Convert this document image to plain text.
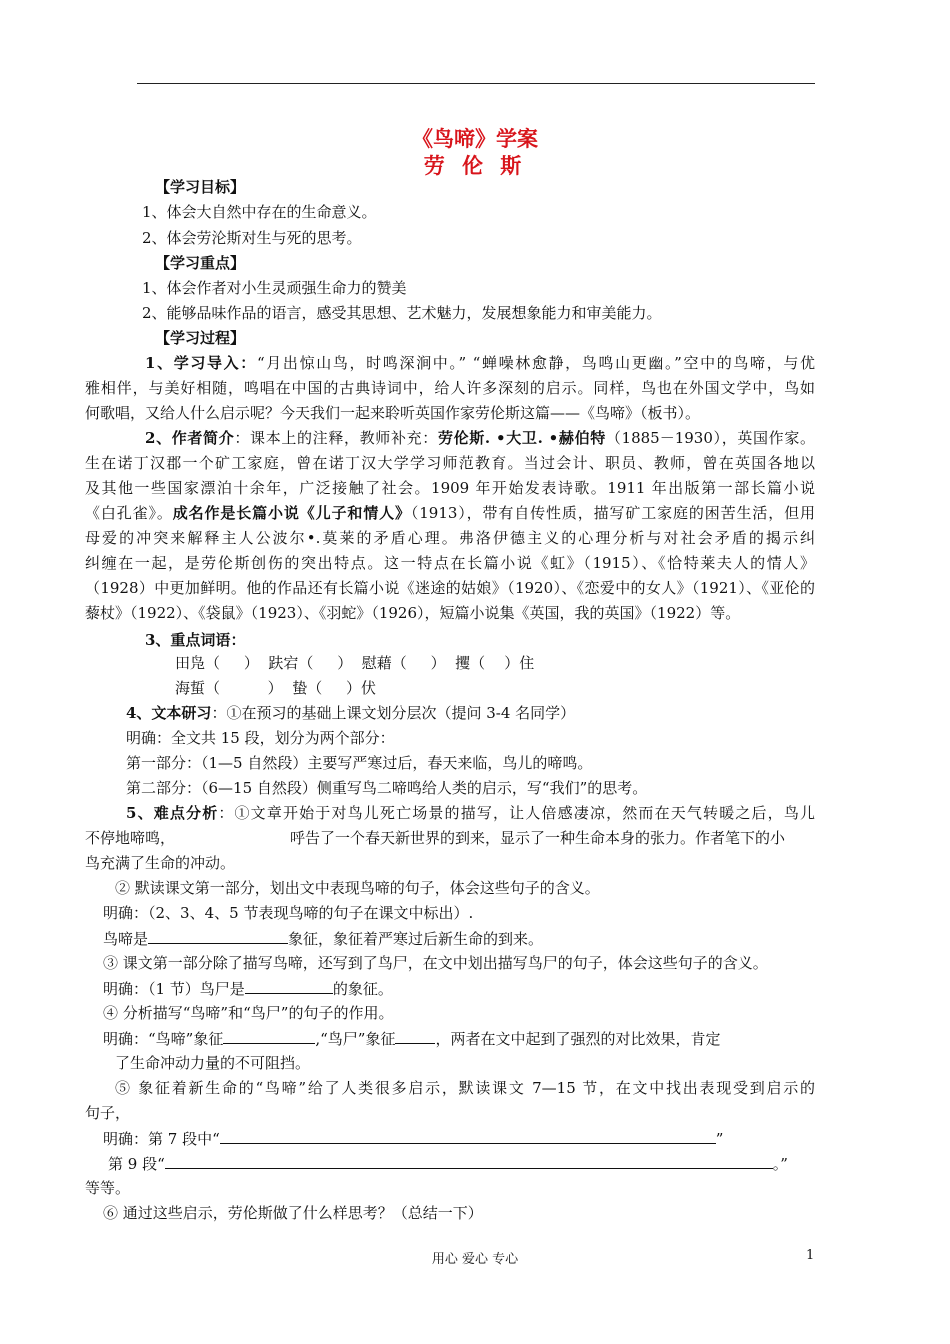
《鸟啼》学案
劳 伦 斯
【学习目标】
1、体会大自然中存在的生命意义。
2、体会劳沦斯对生与死的思考。
【学习重点】
1、体会作者对小生灵顽强生命力的赞美
2、能够品味作品的语言，感受其思想、艺术魅力，发展想象能力和审美能力。
【学习过程】
1、学习导入：“月出惊山鸟，时鸣深涧中。” “蝉噪林愈静，鸟鸣山更幽。”空中的鸟啼，与优
雅相伴，与美好相随，鸣唱在中国的古典诗词中，给人许多深刻的启示。同样，鸟也在外国文学中，鸟如
何歌唱，又给人什么启示呢？今天我们一起来聆听英国作家劳伦斯这篇——《鸟啼》（板书）。
2、作者简介：课本上的注释，教师补充：劳伦斯. •大卫. •赫伯特（1885－1930），英国作家。
生在诺丁汉郡一个矿工家庭，曾在诺丁汉大学学习师范教育。当过会计、职员、教师，曾在英国各地以
及其他一些国家漂泊十余年，广泛接触了社会。1909 年开始发表诗歌。1911 年出版第一部长篇小说
《白孔雀》。成名作是长篇小说《儿子和情人》（1913），带有自传性质，描写矿工家庭的困苦生活，但用
母爱的冲突来解释主人公波尔•.莫莱的矛盾心理。弗洛伊德主义的心理分析与对社会矛盾的揭示纠
纠缠在一起，是劳伦斯创伤的突出特点。这一特点在长篇小说《虹》（1915）、《恰特莱夫人的情人》
（1928）中更加鲜明。他的作品还有长篇小说《迷途的姑娘》（1920）、《恋爱中的女人》（1921）、《亚伦的
藜杖》（1922）、《袋鼠》（1923）、《羽蛇》（1926），短篇小说集《英国，我的英国》（1922）等。
3、重点词语：
田凫（     ）  趺宕（     ）  慰藉（     ）  攫（    ）住
海蜇（          ）  蛰（     ）伏
4、文本研习：①在预习的基础上课文划分层次（提问 3-4 名同学）
明确：全文共 15 段，划分为两个部分：
第一部分：（1—5 自然段）主要写严寒过后，春天来临，鸟儿的啼鸣。
第二部分：（6—15 自然段）侧重写鸟二啼鸣给人类的启示，写“我们”的思考。
5、难点分析：①文章开始于对鸟儿死亡场景的描写，让人倍感凄凉，然而在天气转暖之后，鸟儿
不停地啼鸣，	呼告了一个春天新世界的到来，显示了一种生命本身的张力。作者笔下的小
鸟充满了生命的冲动。
② 默读课文第一部分，划出文中表现鸟啼的句子，体会这些句子的含义。
明确：（2、3、4、5 节表现鸟啼的句子在课文中标出）.
鸟啼是	象征，象征着严寒过后新生命的到来。
③ 课文第一部分除了描写鸟啼，还写到了鸟尸，在文中划出描写鸟尸的句子，体会这些句子的含义。
明确：（1 节）鸟尸是	的象征。
④ 分析描写“鸟啼”和“鸟尸”的句子的作用。
明确：“鸟啼”象征	,“鸟尸”象征	，两者在文中起到了强烈的对比效果，肯定
了生命冲动力量的不可阻挡。
⑤ 象征着新生命的“鸟啼”给了人类很多启示，默读课文 7—15 节，在文中找出表现受到启示的
句子，
明确：第 7 段中“	”
第 9 段“	。”
等等。
⑥ 通过这些启示，劳伦斯做了什么样思考？（总结一下）
用心 爱心 专心	1
